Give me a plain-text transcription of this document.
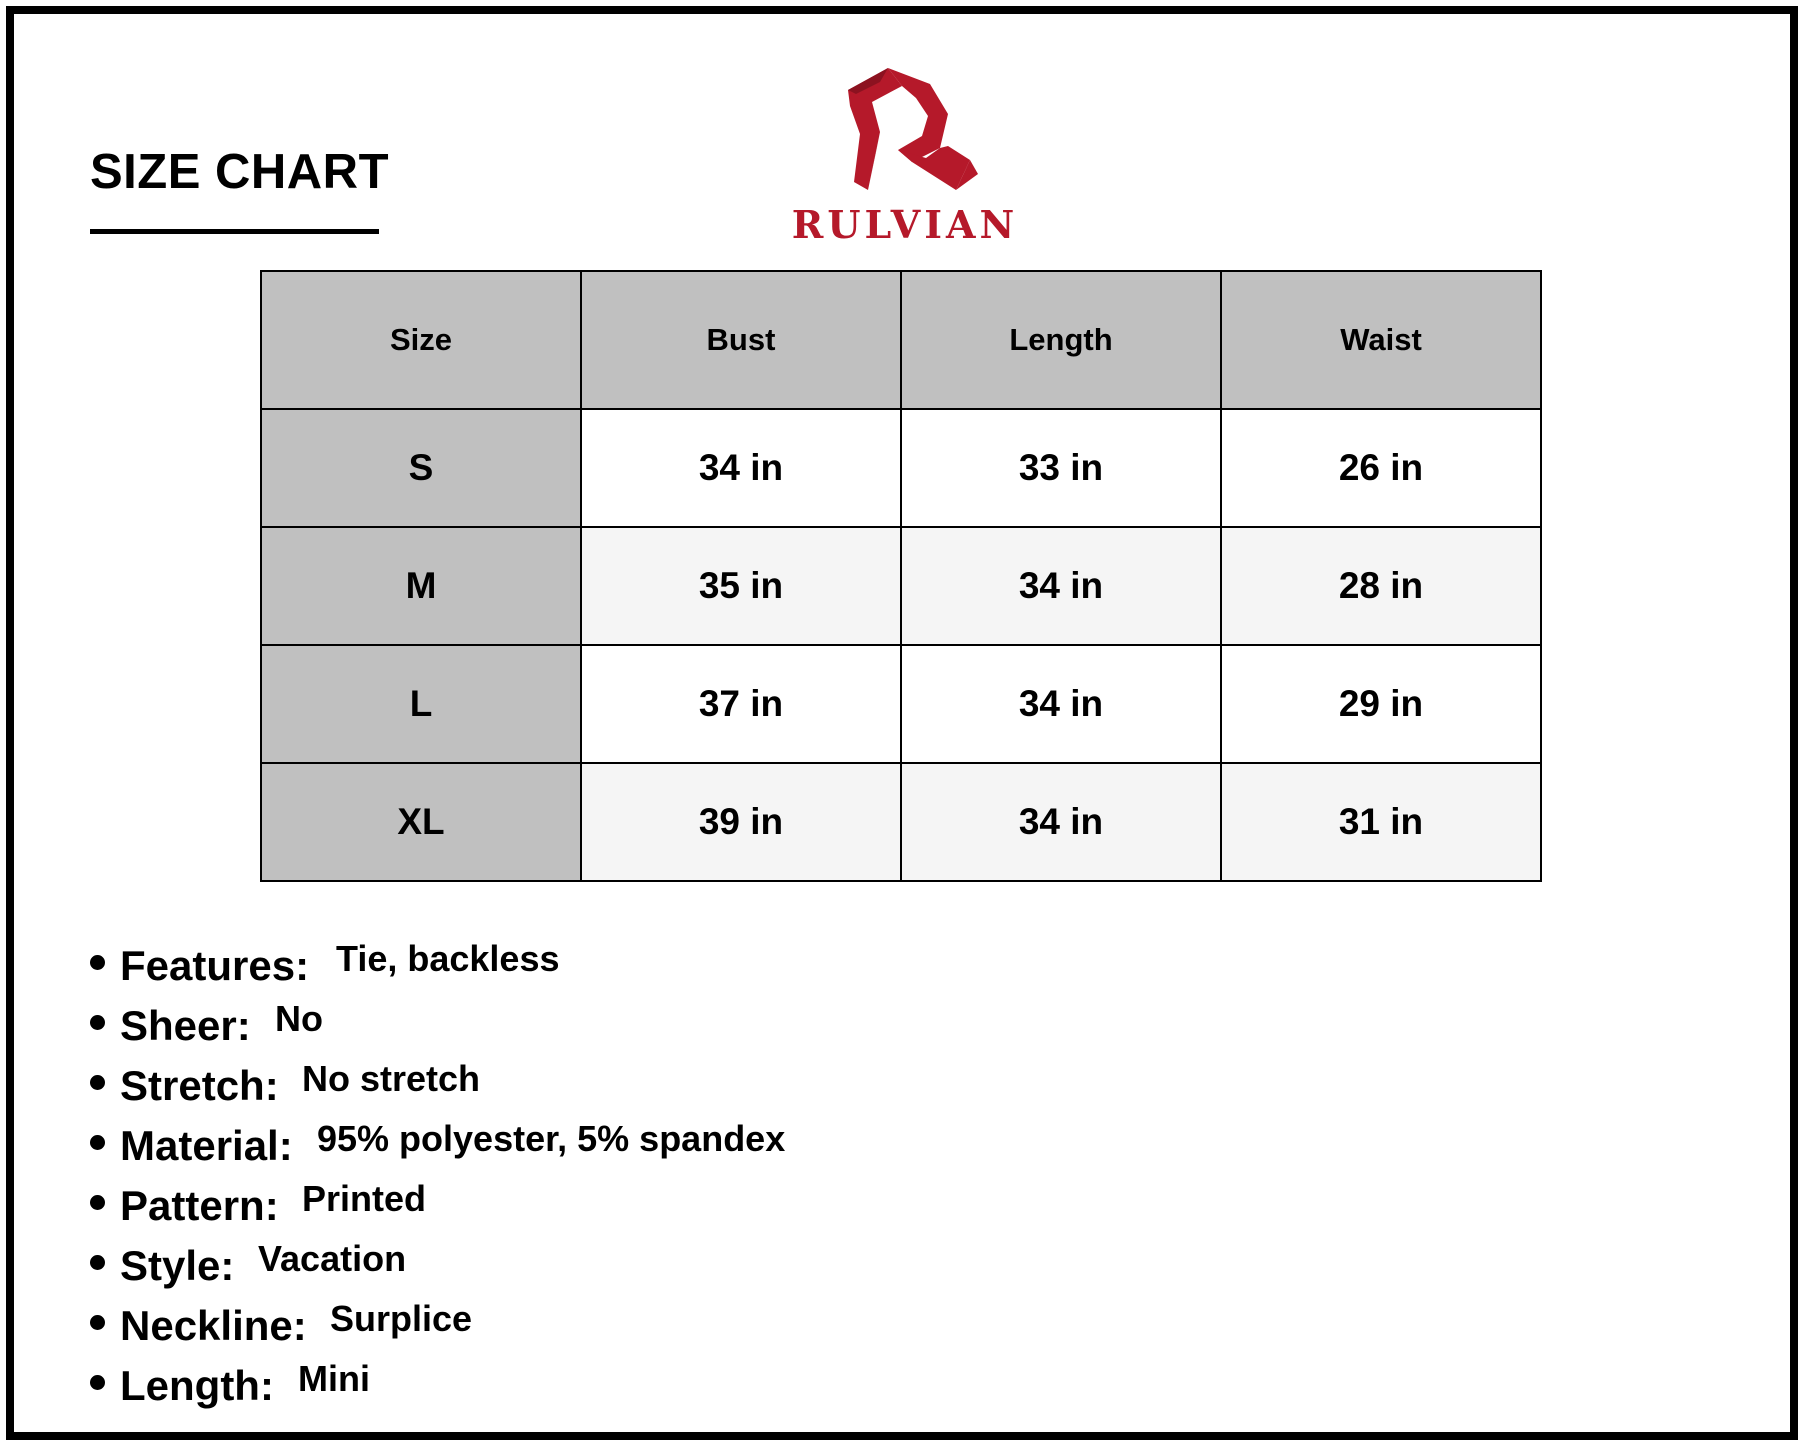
SIZE CHART
RULVIAN
Size	Bust	Length	Waist
S	34 in	33 in	26 in
M	35 in	34 in	28 in
L	37 in	34 in	29 in
XL	39 in	34 in	31 in
Features: Tie, backless
Sheer: No
Stretch: No stretch
Material: 95% polyester, 5% spandex
Pattern: Printed
Style: Vacation
Neckline: Surplice
Length: Mini
